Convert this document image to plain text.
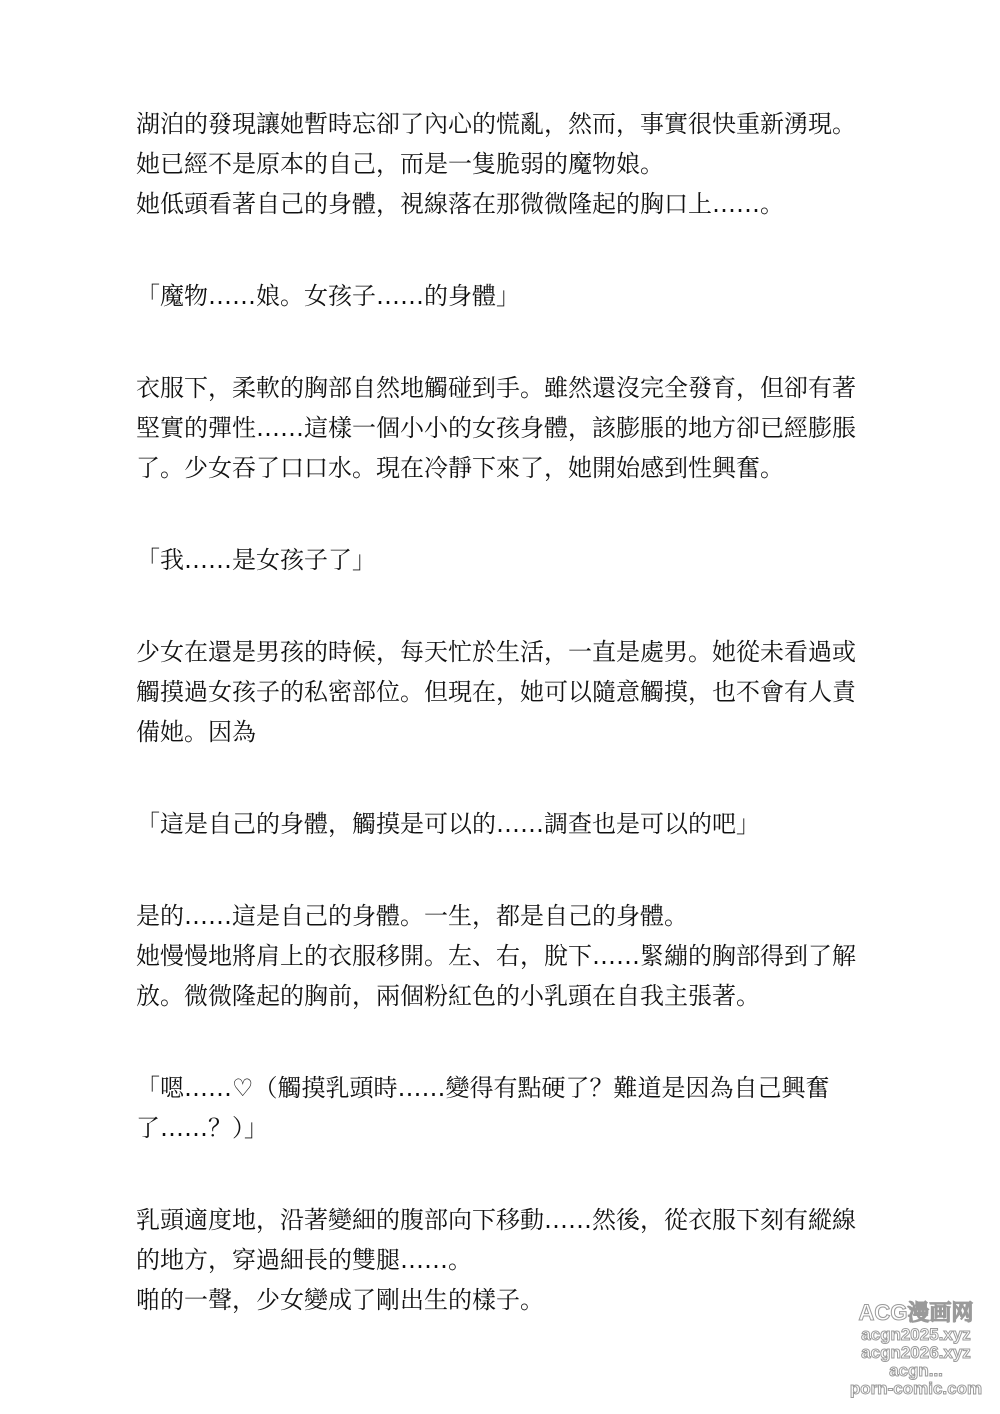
湖泊的發現讓她暫時忘卻了內心的慌亂，然而，事實很快重新湧現。
她已經不是原本的自己，而是一隻脆弱的魔物娘。
她低頭看著自己的身體，視線落在那微微隆起的胸口上……。
「魔物……娘。女孩子……的身體」
衣服下，柔軟的胸部自然地觸碰到手。雖然還沒完全發育，但卻有著
堅實的彈性……這樣一個小小的女孩身體，該膨脹的地方卻已經膨脹
了。少女吞了口口水。現在冷靜下來了，她開始感到性興奮。
「我……是女孩子了」
少女在還是男孩的時候，每天忙於生活，一直是處男。她從未看過或
觸摸過女孩子的私密部位。但現在，她可以隨意觸摸，也不會有人責
備她。因為
「這是自己的身體，觸摸是可以的……調查也是可以的吧」
是的……這是自己的身體。一生，都是自己的身體。
她慢慢地將肩上的衣服移開。左、右，脫下……緊繃的胸部得到了解
放。微微隆起的胸前，兩個粉紅色的小乳頭在自我主張著。
「嗯……♡（觸摸乳頭時……變得有點硬了？難道是因為自己興奮
了……？）」
乳頭適度地，沿著變細的腹部向下移動……然後，從衣服下刻有縱線
的地方，穿過細長的雙腿……。
啪的一聲，少女變成了剛出生的樣子。	ACG漫画网
acgn2025.xyz
acgn2026.xyz
acgn...
porn-comic.com
